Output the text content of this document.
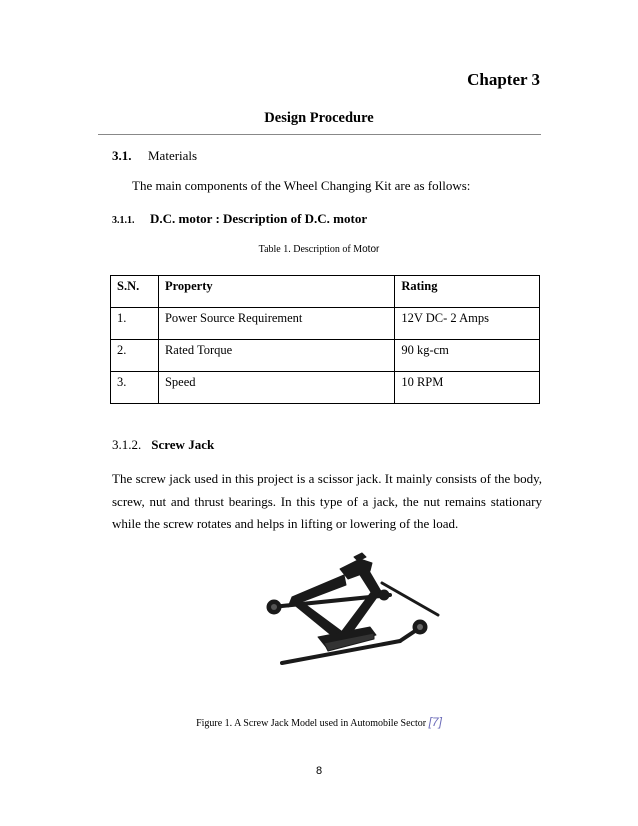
Chapter 3
Design Procedure
3.1. Materials
The main components of the Wheel Changing Kit are as follows:
3.1.1. D.C. motor : Description of D.C. motor
Table 1. Description of Motor
S.N.	Property	Rating
1.	Power Source Requirement	12V DC- 2 Amps
2.	Rated Torque	90 kg-cm
3.	Speed	10 RPM
3.1.2. Screw Jack
The screw jack used in this project is a scissor jack. It mainly consists of the body, screw, nut and thrust bearings. In this type of a jack, the nut remains stationary while the screw rotates and helps in lifting or lowering of the load.
Figure 1. A Screw Jack Model used in Automobile Sector [7]
8
